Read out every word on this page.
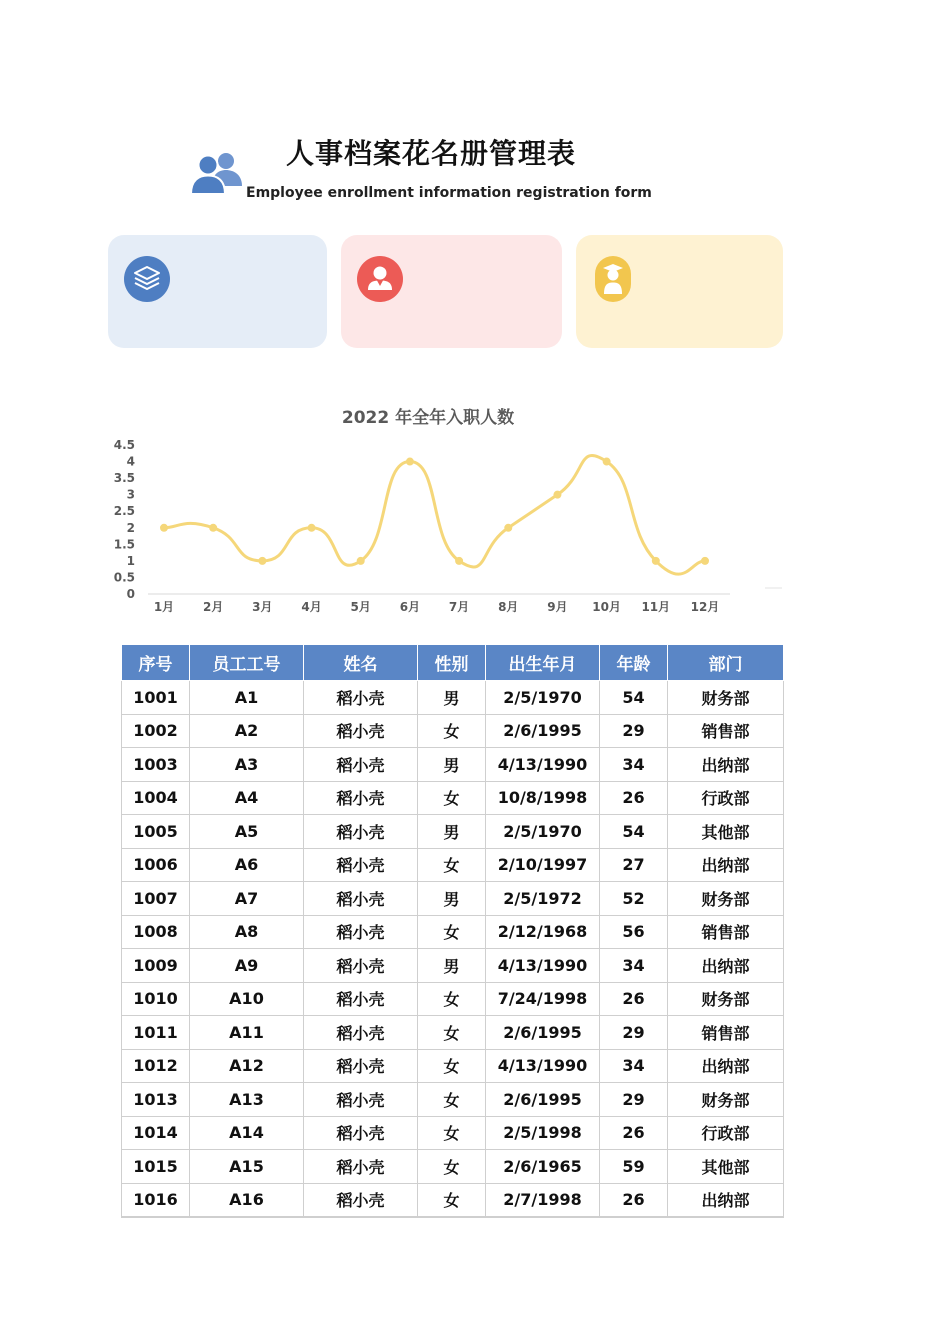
人事档案花名册管理表
Employee enrollment information registration form
2022 年全年入职人数
0
0.5
1
1.5
2
2.5
3
3.5
4
4.5
1月 2月 3月 4月 5月 6月 7月 8月 9月 10月 11月 12月
序号	员工工号	姓名	性别	出生年月	年龄	部门
1001	A1	稻小壳	男	2/5/1970	54	财务部
1002	A2	稻小壳	女	2/6/1995	29	销售部
1003	A3	稻小壳	男	4/13/1990	34	出纳部
1004	A4	稻小壳	女	10/8/1998	26	行政部
1005	A5	稻小壳	男	2/5/1970	54	其他部
1006	A6	稻小壳	女	2/10/1997	27	出纳部
1007	A7	稻小壳	男	2/5/1972	52	财务部
1008	A8	稻小壳	女	2/12/1968	56	销售部
1009	A9	稻小壳	男	4/13/1990	34	出纳部
1010	A10	稻小壳	女	7/24/1998	26	财务部
1011	A11	稻小壳	女	2/6/1995	29	销售部
1012	A12	稻小壳	女	4/13/1990	34	出纳部
1013	A13	稻小壳	女	2/6/1995	29	财务部
1014	A14	稻小壳	女	2/5/1998	26	行政部
1015	A15	稻小壳	女	2/6/1965	59	其他部
1016	A16	稻小壳	女	2/7/1998	26	出纳部
